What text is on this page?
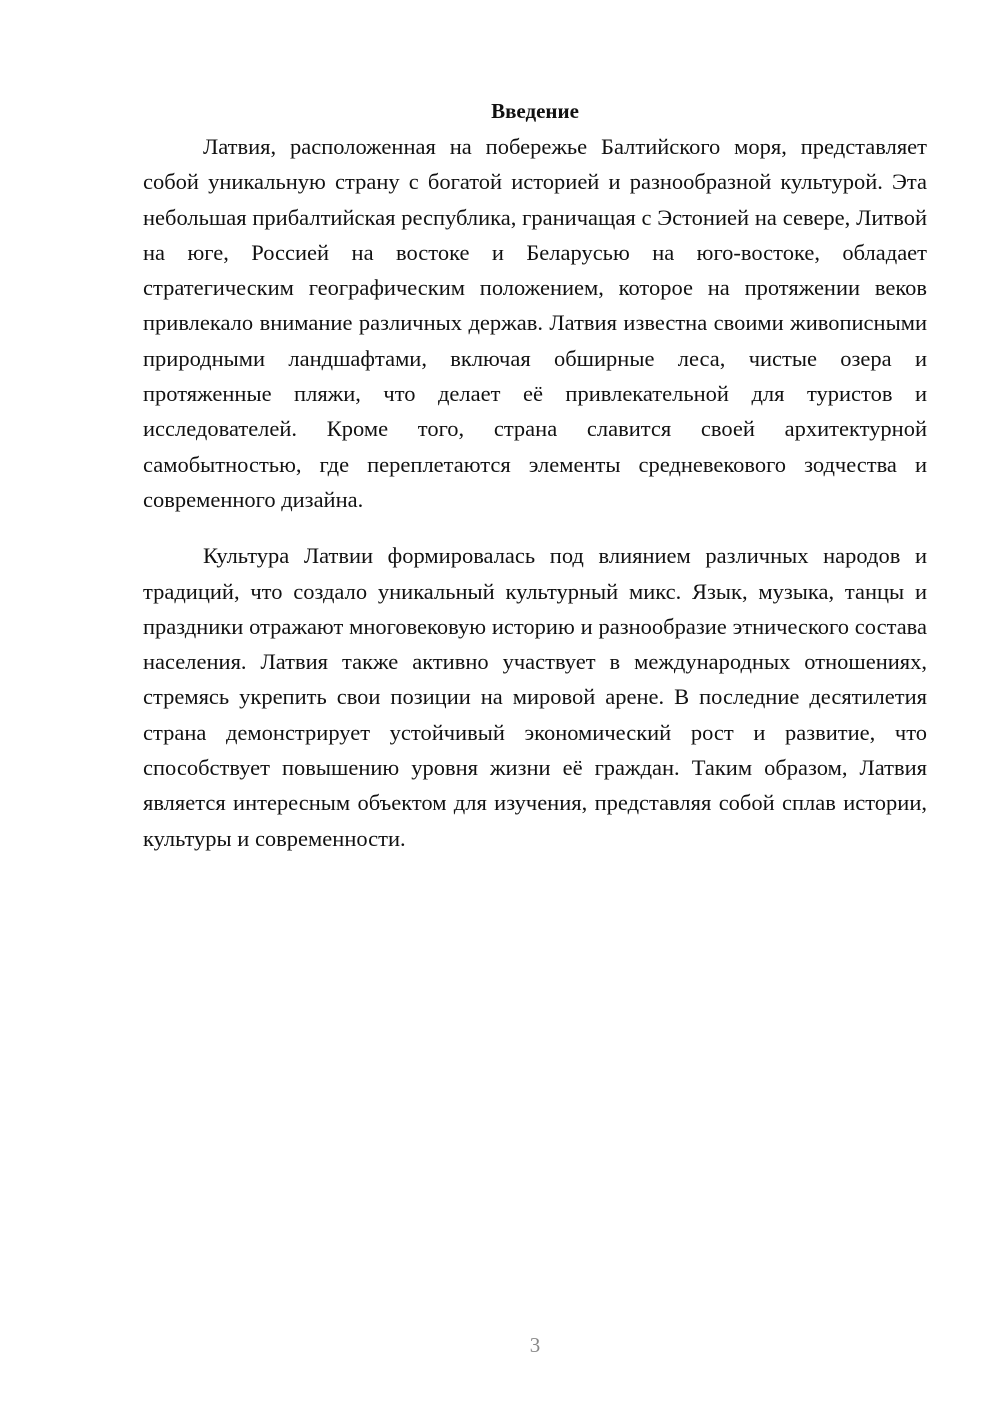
Введение

Латвия, расположенная на побережье Балтийского моря, представляет собой уникальную страну с богатой историей и разнообразной культурой. Эта небольшая прибалтийская республика, граничащая с Эстонией на севере, Литвой на юге, Россией на востоке и Беларусью на юго-востоке, обладает стратегическим географическим положением, которое на протяжении веков привлекало внимание различных держав. Латвия известна своими живописными природными ландшафтами, включая обширные леса, чистые озера и протяженные пляжи, что делает её привлекательной для туристов и исследователей. Кроме того, страна славится своей архитектурной самобытностью, где переплетаются элементы средневекового зодчества и современного дизайна.

Культура Латвии формировалась под влиянием различных народов и традиций, что создало уникальный культурный микс. Язык, музыка, танцы и праздники отражают многовековую историю и разнообразие этнического состава населения. Латвия также активно участвует в международных отношениях, стремясь укрепить свои позиции на мировой арене. В последние десятилетия страна демонстрирует устойчивый экономический рост и развитие, что способствует повышению уровня жизни её граждан. Таким образом, Латвия является интересным объектом для изучения, представляя собой сплав истории, культуры и современности.

3
